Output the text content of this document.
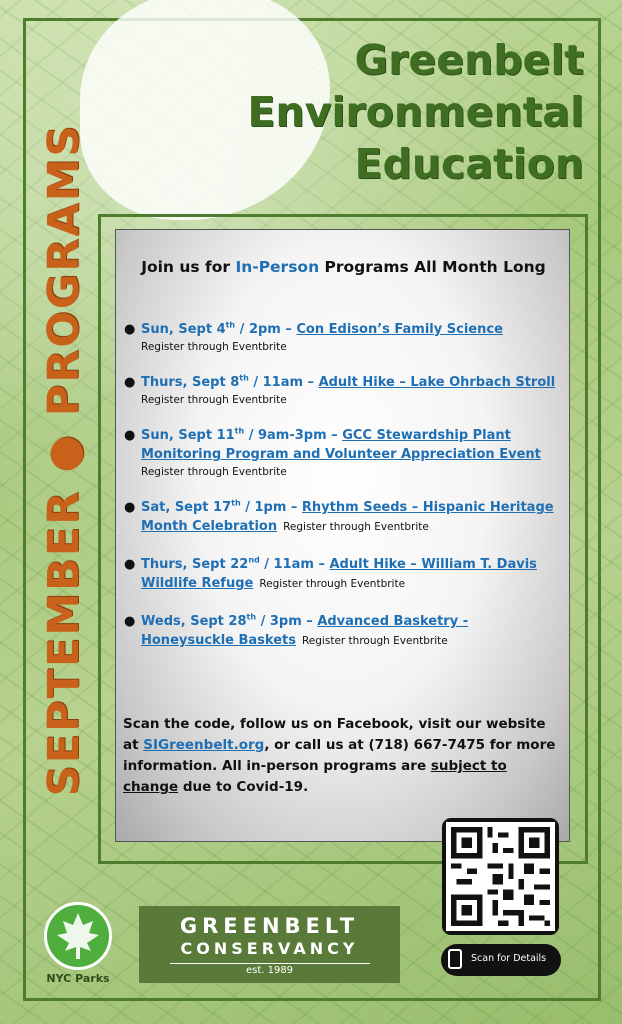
SEPTEMBER ● PROGRAMS
Greenbelt
Environmental
Education
Join us for In-Person Programs All Month Long
● Sun, Sept 4th / 2pm – Con Edison’s Family Science
Register through Eventbrite
● Thurs, Sept 8th / 11am – Adult Hike – Lake Ohrbach Stroll
Register through Eventbrite
● Sun, Sept 11th / 9am-3pm – GCC Stewardship Plant Monitoring Program and Volunteer Appreciation Event
Register through Eventbrite
● Sat, Sept 17th / 1pm – Rhythm Seeds – Hispanic Heritage Month Celebration Register through Eventbrite
● Thurs, Sept 22nd / 11am – Adult Hike – William T. Davis Wildlife Refuge Register through Eventbrite
● Weds, Sept 28th / 3pm – Advanced Basketry - Honeysuckle Baskets Register through Eventbrite
Scan the code, follow us on Facebook, visit our website at SIGreenbelt.org, or call us at (718) 667-7475 for more information. All in-person programs are subject to change due to Covid-19.
NYC Parks
GREENBELT
CONSERVANCY
est. 1989
Scan for Details
